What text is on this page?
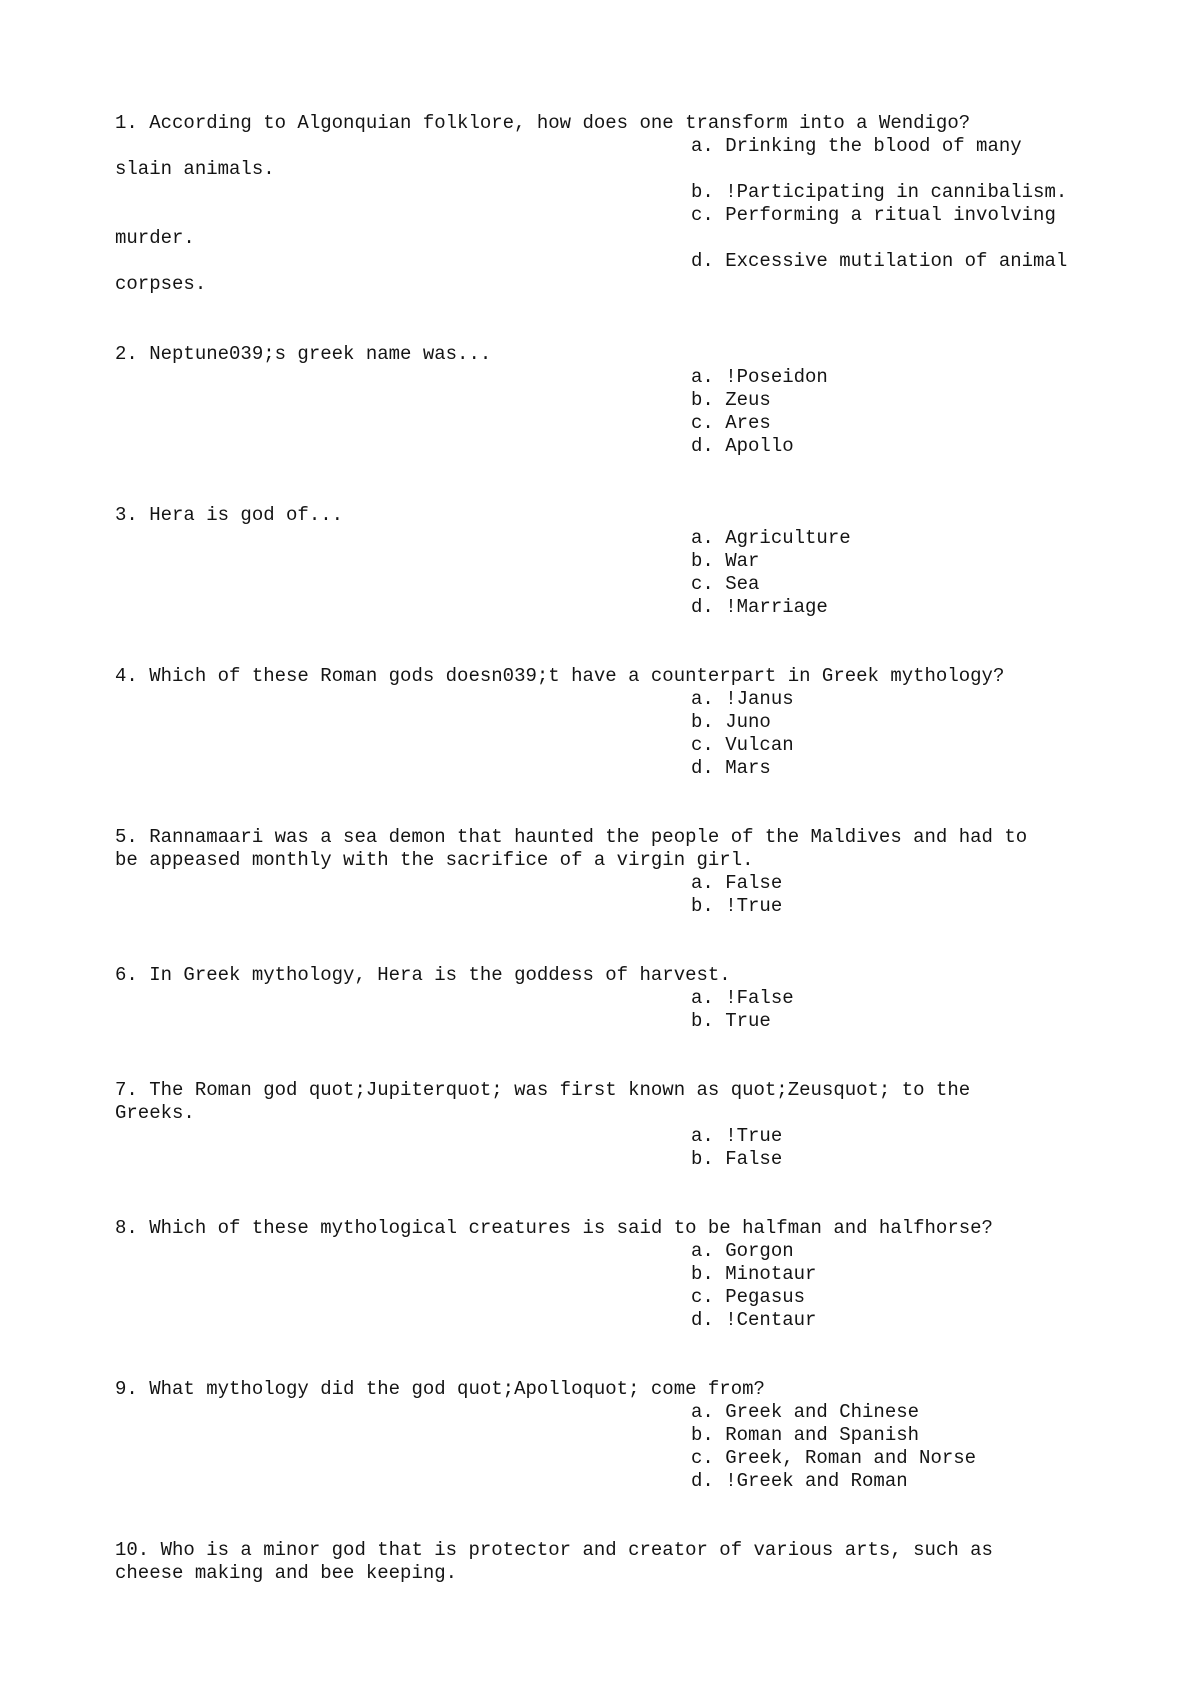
1. According to Algonquian folklore, how does one transform into a Wendigo?
a. Drinking the blood of many
slain animals.
b. !Participating in cannibalism.
c. Performing a ritual involving
murder.
d. Excessive mutilation of animal
corpses.
2. Neptune039;s greek name was...
a. !Poseidon
b. Zeus
c. Ares
d. Apollo
3. Hera is god of...
a. Agriculture
b. War
c. Sea
d. !Marriage
4. Which of these Roman gods doesn039;t have a counterpart in Greek mythology?
a. !Janus
b. Juno
c. Vulcan
d. Mars
5. Rannamaari was a sea demon that haunted the people of the Maldives and had to
be appeased monthly with the sacrifice of a virgin girl.
a. False
b. !True
6. In Greek mythology, Hera is the goddess of harvest.
a. !False
b. True
7. The Roman god quot;Jupiterquot; was first known as quot;Zeusquot; to the
Greeks.
a. !True
b. False
8. Which of these mythological creatures is said to be halfman and halfhorse?
a. Gorgon
b. Minotaur
c. Pegasus
d. !Centaur
9. What mythology did the god quot;Apolloquot; come from?
a. Greek and Chinese
b. Roman and Spanish
c. Greek, Roman and Norse
d. !Greek and Roman
10. Who is a minor god that is protector and creator of various arts, such as
cheese making and bee keeping.
